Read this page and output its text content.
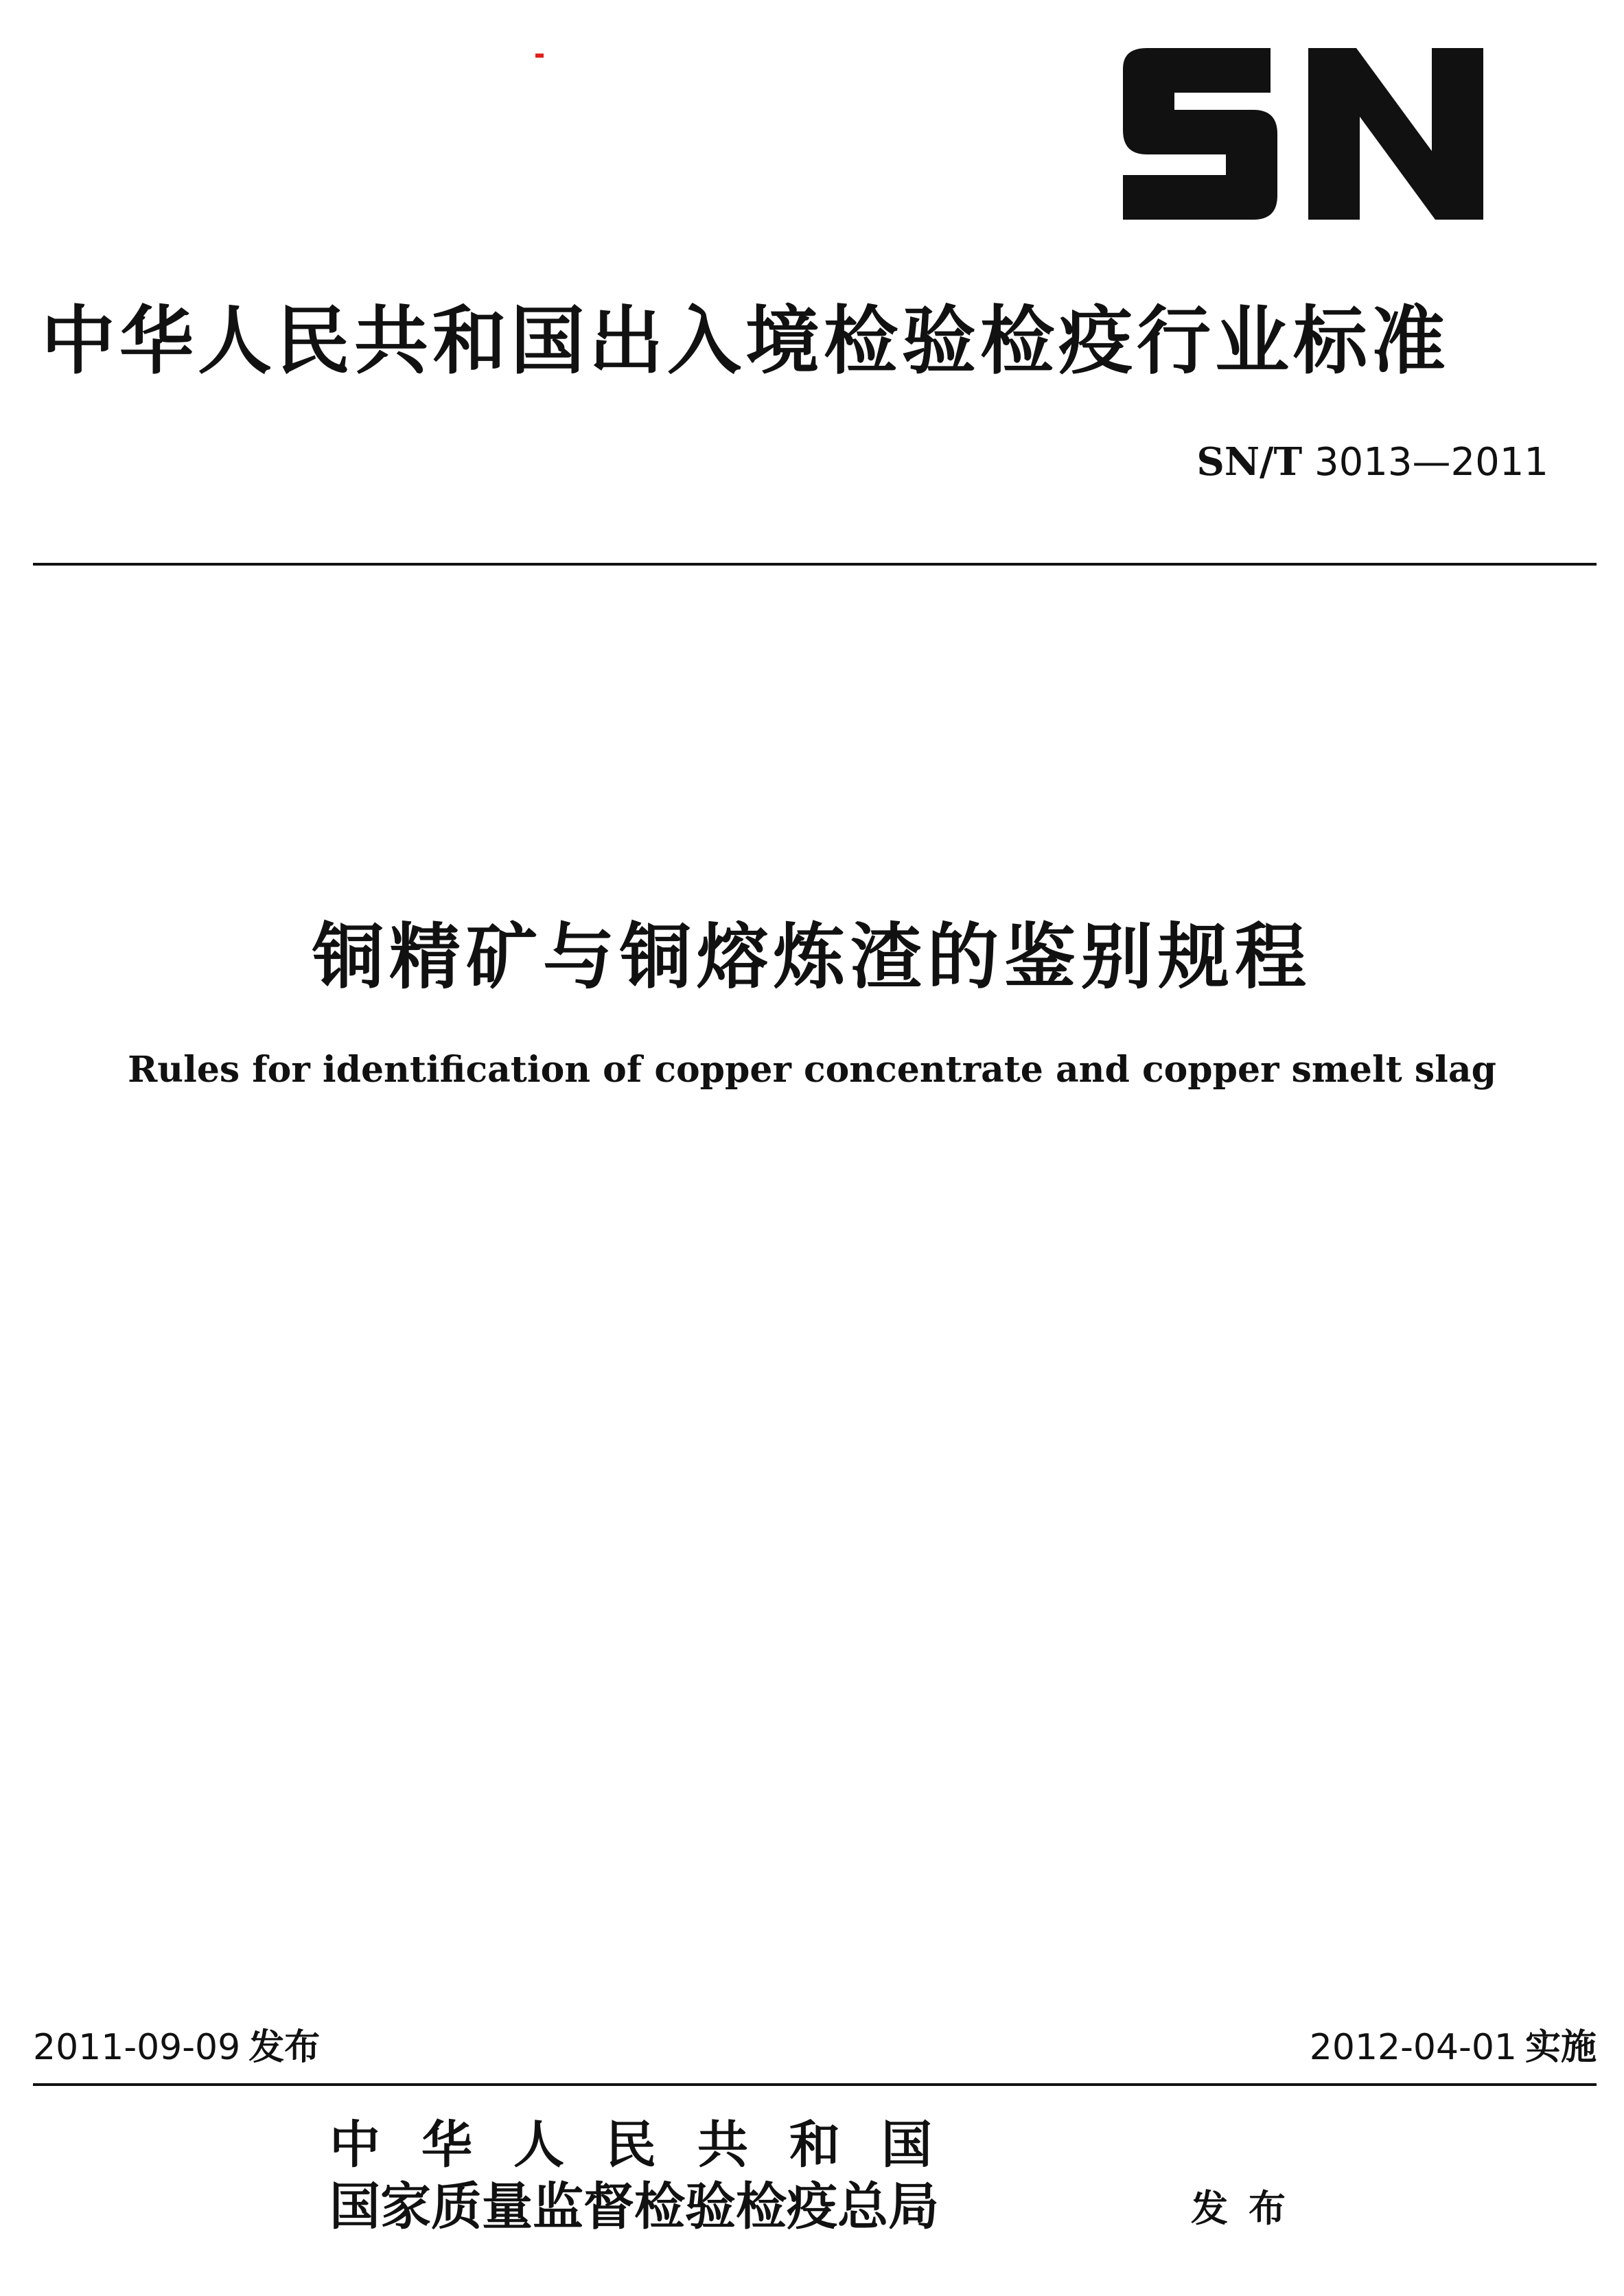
中华人民共和国出入境检验检疫行业标准
SN/T 3013—2011
铜精矿与铜熔炼渣的鉴别规程
Rules for identification of copper concentrate and copper smelt slag
2011-09-09 发布	2012-04-01 实施
中华人民共和国
国家质量监督检验检疫总局	发布
